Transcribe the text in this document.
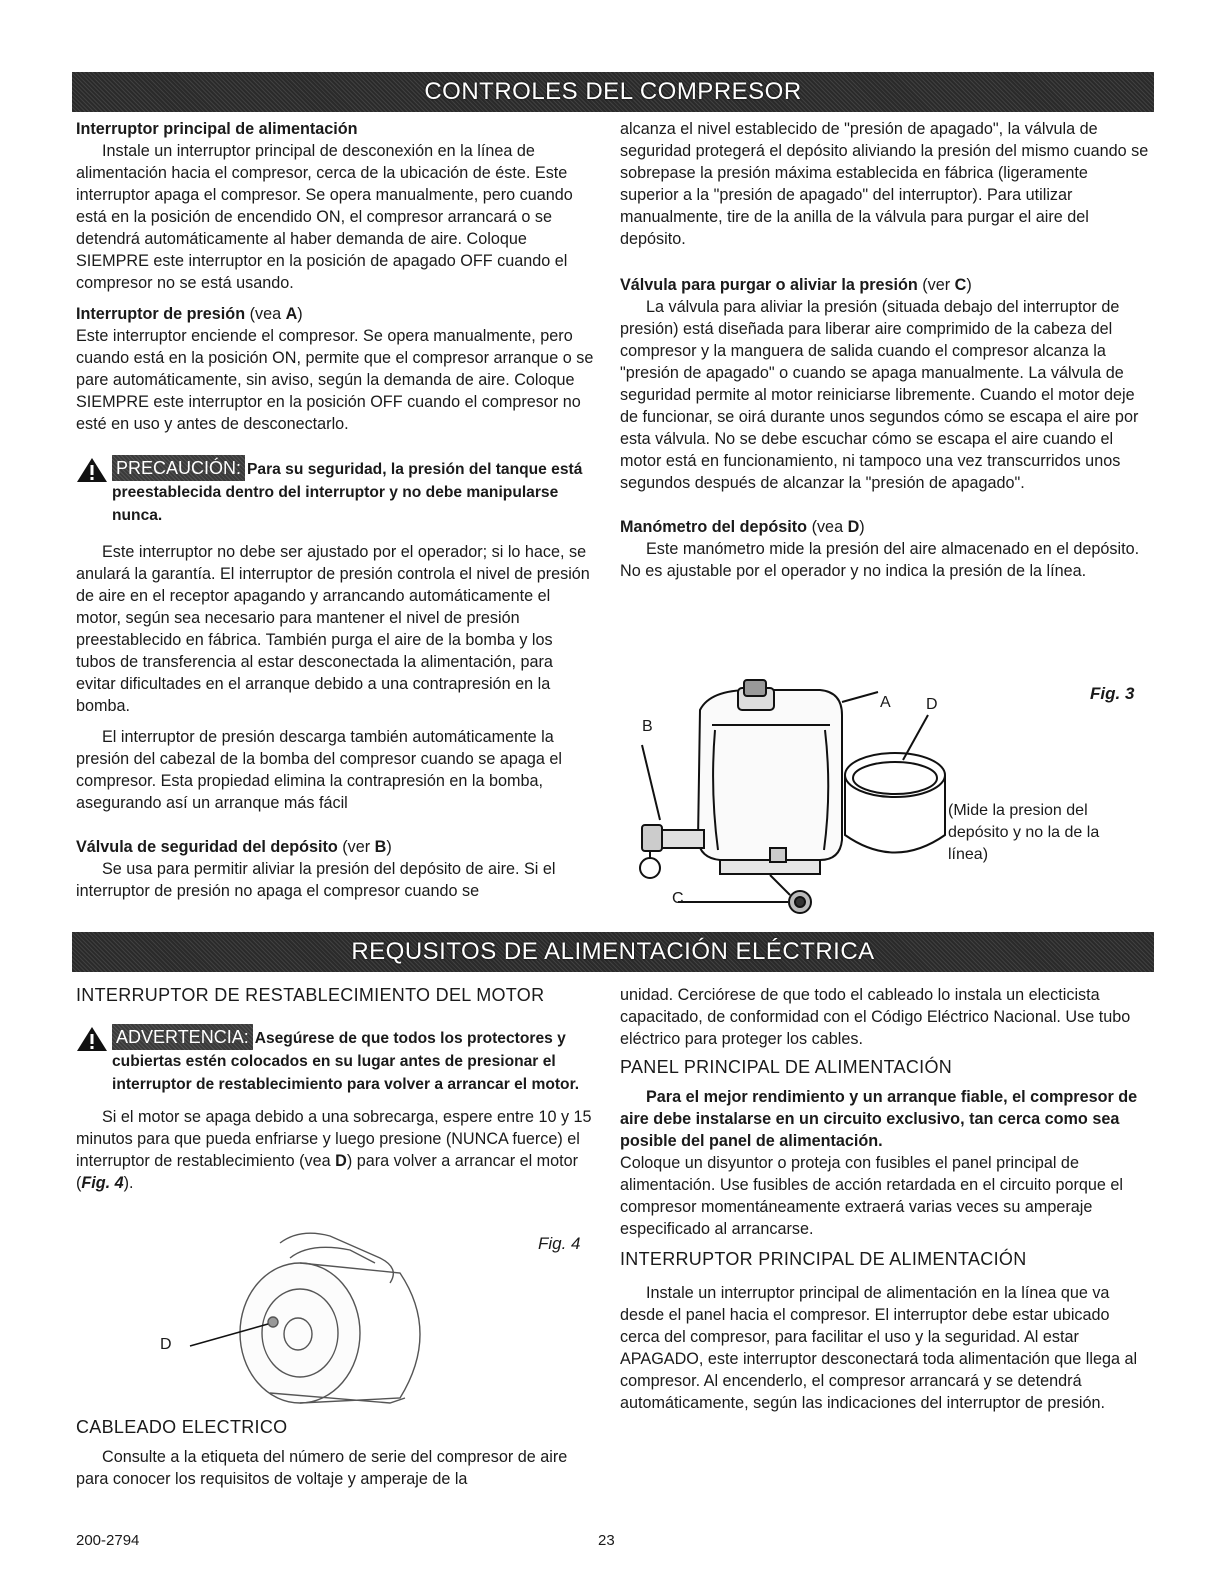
CONTROLES DEL COMPRESOR

Interruptor principal de alimentación

Instale un interruptor principal de desconexión en la línea de alimentación hacia el compresor, cerca de la ubicación de éste. Este interruptor apaga el compresor. Se opera manualmente, pero cuando está en la posición de encendido ON, el compresor arrancará o se detendrá automáticamente al haber demanda de aire. Coloque SIEMPRE este interruptor en la posición de apagado OFF cuando el compresor no se está usando.

Interruptor de presión (vea A)

Este interruptor enciende el compresor. Se opera manualmente, pero cuando está en la posición ON, permite que el compresor arranque o se pare automáticamente, sin aviso, según la demanda de aire. Coloque SIEMPRE este interruptor en la posición OFF cuando el compresor no esté en uso y antes de desconectarlo.

PRECAUCIÓN: Para su seguridad, la presión del tanque está preestablecida dentro del interruptor y no debe manipularse nunca.

Este interruptor no debe ser ajustado por el operador; si lo hace, se anulará la garantía. El interruptor de presión controla el nivel de presión de aire en el receptor apagando y arrancando automáticamente el motor, según sea necesario para mantener el nivel de presión preestablecido en fábrica. También purga el aire de la bomba y los tubos de transferencia al estar desconectada la alimentación, para evitar dificultades en el arranque debido a una contrapresión en la bomba.

El interruptor de presión descarga también automáticamente la presión del cabezal de la bomba del compresor cuando se apaga el compresor. Esta propiedad elimina la contrapresión en la bomba, asegurando así un arranque más fácil

Válvula de seguridad del depósito (ver B)

Se usa para permitir aliviar la presión del depósito de aire. Si el interruptor de presión no apaga el compresor cuando se

alcanza el nivel establecido de "presión de apagado", la válvula de seguridad protegerá el depósito aliviando la presión del mismo cuando se sobrepase la presión máxima establecida en fábrica (ligeramente superior a la "presión de apagado" del interruptor). Para utilizar manualmente, tire de la anilla de la válvula para purgar el aire del depósito.

Válvula para purgar o aliviar la presión (ver C)

La válvula para aliviar la presión (situada debajo del interruptor de presión) está diseñada para liberar aire comprimido de la cabeza del compresor y la manguera de salida cuando el compresor alcanza la "presión de apagado" o cuando se apaga manualmente. La válvula de seguridad permite al motor reiniciarse libremente. Cuando el motor deje de funcionar, se oirá durante unos segundos cómo se escapa el aire por esta válvula. No se debe escuchar cómo se escapa el aire cuando el motor está en funcionamiento, ni tampoco una vez transcurridos unos segundos después de alcanzar la "presión de apagado".

Manómetro del depósito (vea D)

Este manómetro mide la presión del aire almacenado en el depósito. No es ajustable por el operador y no indica la presión de la línea.

Fig. 3
A D
B
C
(Mide la presion del
depósito y no la de la
línea)
REQUSITOS DE ALIMENTACIÓN ELÉCTRICA

INTERRUPTOR DE RESTABLECIMIENTO DEL MOTOR

ADVERTENCIA: Asegúrese de que todos los protectores y cubiertas estén colocados en su lugar antes de presionar el interruptor de restablecimiento para volver a arrancar el motor.

Si el motor se apaga debido a una sobrecarga, espere entre 10 y 15 minutos para que pueda enfriarse y luego presione (NUNCA fuerce) el interruptor de restablecimiento (vea D) para volver a arrancar el motor (Fig. 4).

Fig. 4
D

CABLEADO ELECTRICO

Consulte a la etiqueta del número de serie del compresor de aire para conocer los requisitos de voltaje y amperaje de la

unidad. Cerciórese de que todo el cableado lo instala un electicista capacitado, de conformidad con el Código Eléctrico Nacional. Use tubo eléctrico para proteger los cables.

PANEL PRINCIPAL DE ALIMENTACIÓN

Para el mejor rendimiento y un arranque fiable, el compresor de aire debe instalarse en un circuito exclusivo, tan cerca como sea posible del panel de alimentación.

Coloque un disyuntor o proteja con fusibles el panel principal de alimentación. Use fusibles de acción retardada en el circuito porque el compresor momentáneamente extraerá varias veces su amperaje especificado al arrancarse.

INTERRUPTOR PRINCIPAL DE ALIMENTACIÓN

Instale un interruptor principal de alimentación en la línea que va desde el panel hacia el compresor. El interruptor debe estar ubicado cerca del compresor, para facilitar el uso y la seguridad. Al estar APAGADO, este interruptor desconectará toda alimentación que llega al compresor. Al encenderlo, el compresor arrancará y se detendrá automáticamente, según las indicaciones del interruptor de presión.

200-2794	23
